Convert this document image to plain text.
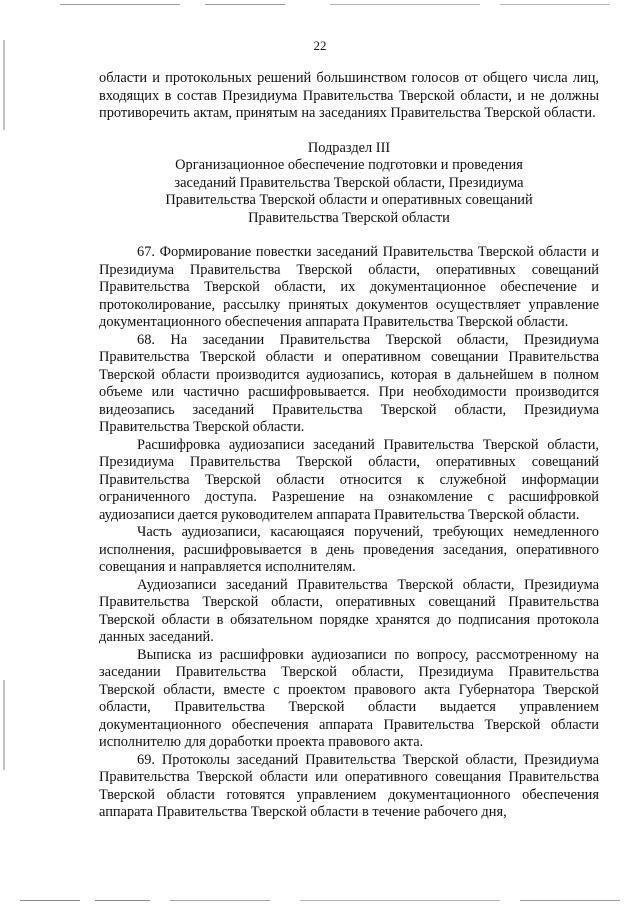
22

области и протокольных решений большинством голосов от общего числа лиц, входящих в состав Президиума Правительства Тверской области, и не должны противоречить актам, принятым на заседаниях Правительства Тверской области.

Подраздел III
Организационное обеспечение подготовки и проведения
заседаний Правительства Тверской области, Президиума
Правительства Тверской области и оперативных совещаний
Правительства Тверской области

67. Формирование повестки заседаний Правительства Тверской области и Президиума Правительства Тверской области, оперативных совещаний Правительства Тверской области, их документационное обеспечение и протоколирование, рассылку принятых документов осуществляет управление документационного обеспечения аппарата Правительства Тверской области.

68. На заседании Правительства Тверской области, Президиума Правительства Тверской области и оперативном совещании Правительства Тверской области производится аудиозапись, которая в дальнейшем в полном объеме или частично расшифровывается. При необходимости производится видеозапись заседаний Правительства Тверской области, Президиума Правительства Тверской области.

Расшифровка аудиозаписи заседаний Правительства Тверской области, Президиума Правительства Тверской области, оперативных совещаний Правительства Тверской области относится к служебной информации ограниченного доступа. Разрешение на ознакомление с расшифровкой аудиозаписи дается руководителем аппарата Правительства Тверской области.

Часть аудиозаписи, касающаяся поручений, требующих немедленного исполнения, расшифровывается в день проведения заседания, оперативного совещания и направляется исполнителям.

Аудиозаписи заседаний Правительства Тверской области, Президиума Правительства Тверской области, оперативных совещаний Правительства Тверской области в обязательном порядке хранятся до подписания протокола данных заседаний.

Выписка из расшифровки аудиозаписи по вопросу, рассмотренному на заседании Правительства Тверской области, Президиума Правительства Тверской области, вместе с проектом правового акта Губернатора Тверской области, Правительства Тверской области выдается управлением документационного обеспечения аппарата Правительства Тверской области исполнителю для доработки проекта правового акта.

69. Протоколы заседаний Правительства Тверской области, Президиума Правительства Тверской области или оперативного совещания Правительства Тверской области готовятся управлением документационного обеспечения аппарата Правительства Тверской области в течение рабочего дня,
